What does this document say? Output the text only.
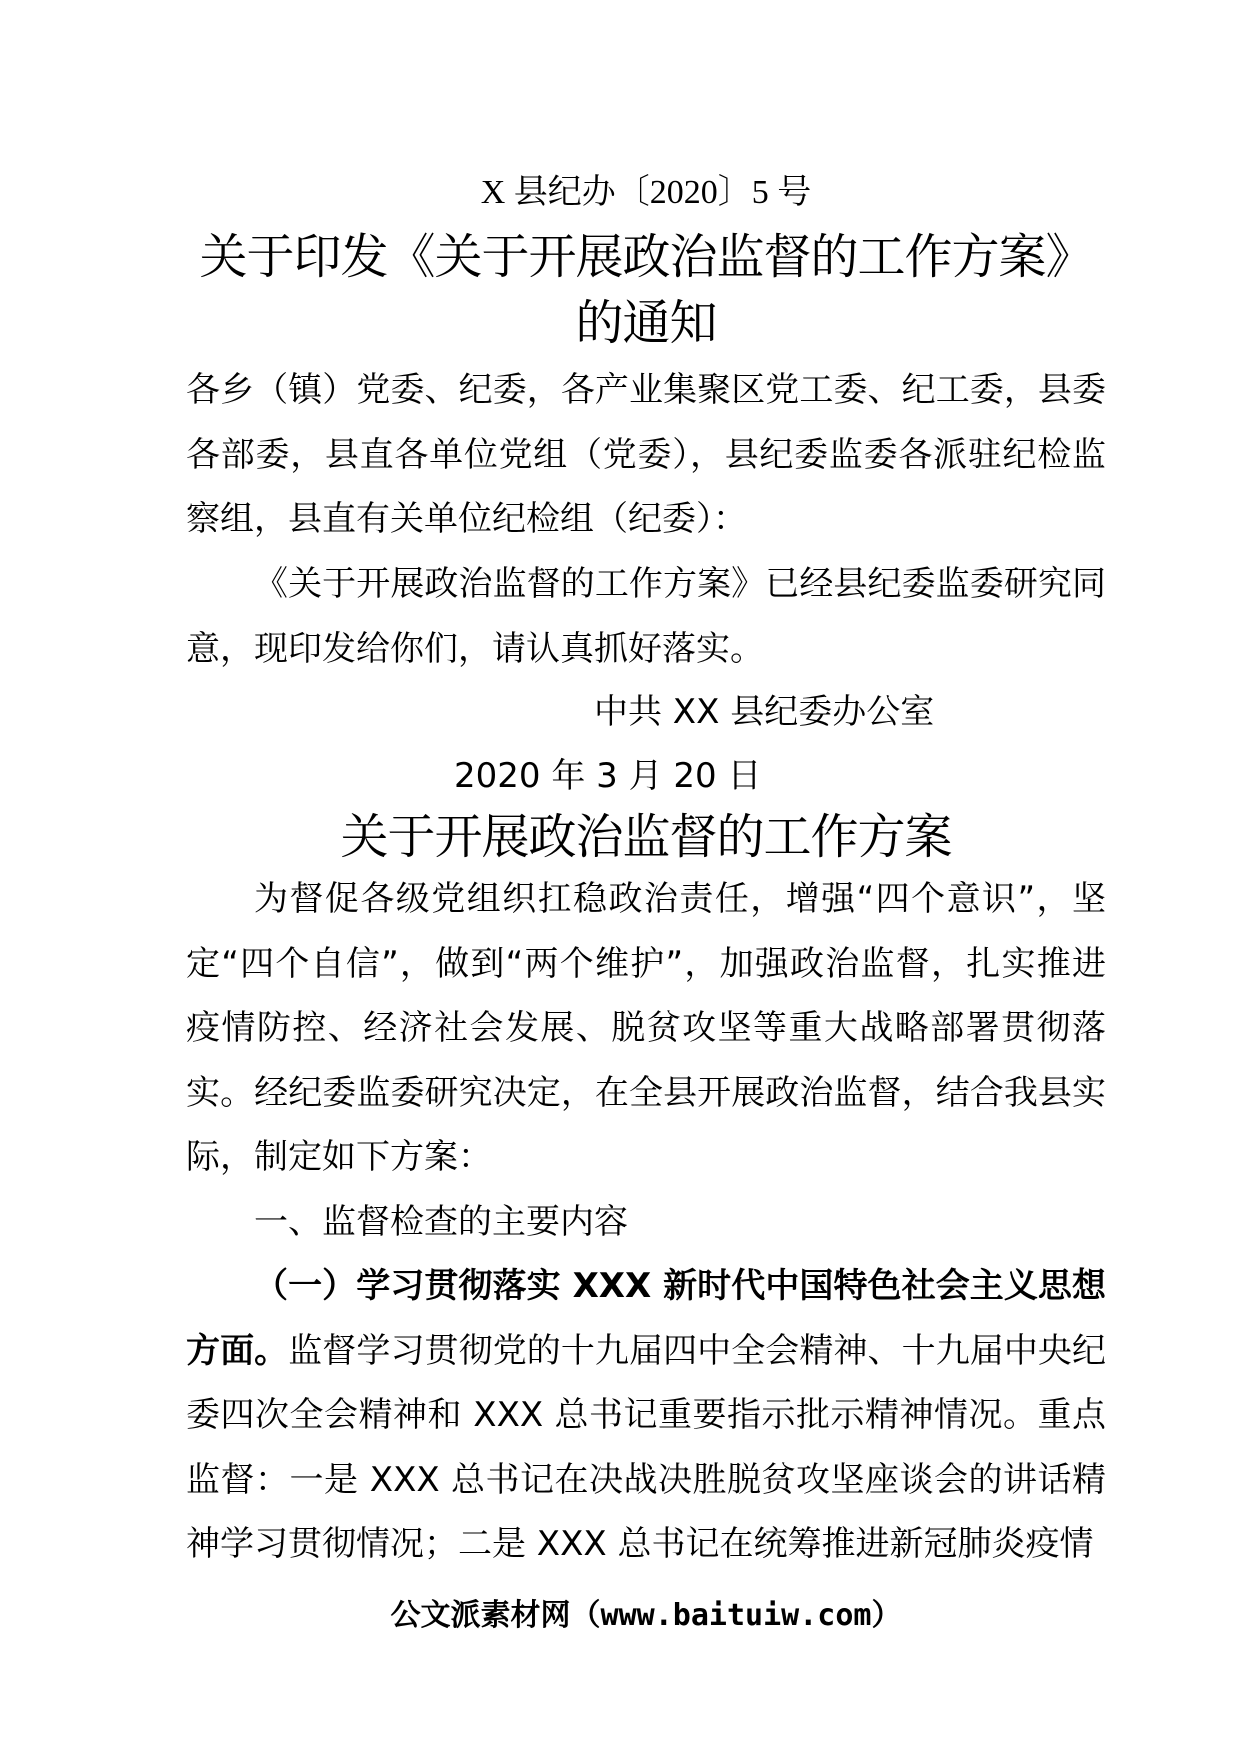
X 县纪办〔2020〕5 号
关于印发《关于开展政治监督的工作方案》的通知
各乡（镇）党委、纪委，各产业集聚区党工委、纪工委，县委各部委，县直各单位党组（党委），县纪委监委各派驻纪检监察组，县直有关单位纪检组（纪委）：
《关于开展政治监督的工作方案》已经县纪委监委研究同意，现印发给你们，请认真抓好落实。
中共 XX 县纪委办公室
2020 年 3 月 20 日
关于开展政治监督的工作方案
为督促各级党组织扛稳政治责任，增强“四个意识”，坚定“四个自信”，做到“两个维护”，加强政治监督，扎实推进疫情防控、经济社会发展、脱贫攻坚等重大战略部署贯彻落实。经纪委监委研究决定，在全县开展政治监督，结合我县实际，制定如下方案：
一、监督检查的主要内容
（一）学习贯彻落实 XXX 新时代中国特色社会主义思想方面。监督学习贯彻党的十九届四中全会精神、十九届中央纪委四次全会精神和 XXX 总书记重要指示批示精神情况。重点监督：一是 XXX 总书记在决战决胜脱贫攻坚座谈会的讲话精神学习贯彻情况；二是 XXX 总书记在统筹推进新冠肺炎疫情
公文派素材网（www.baituiw.com）
